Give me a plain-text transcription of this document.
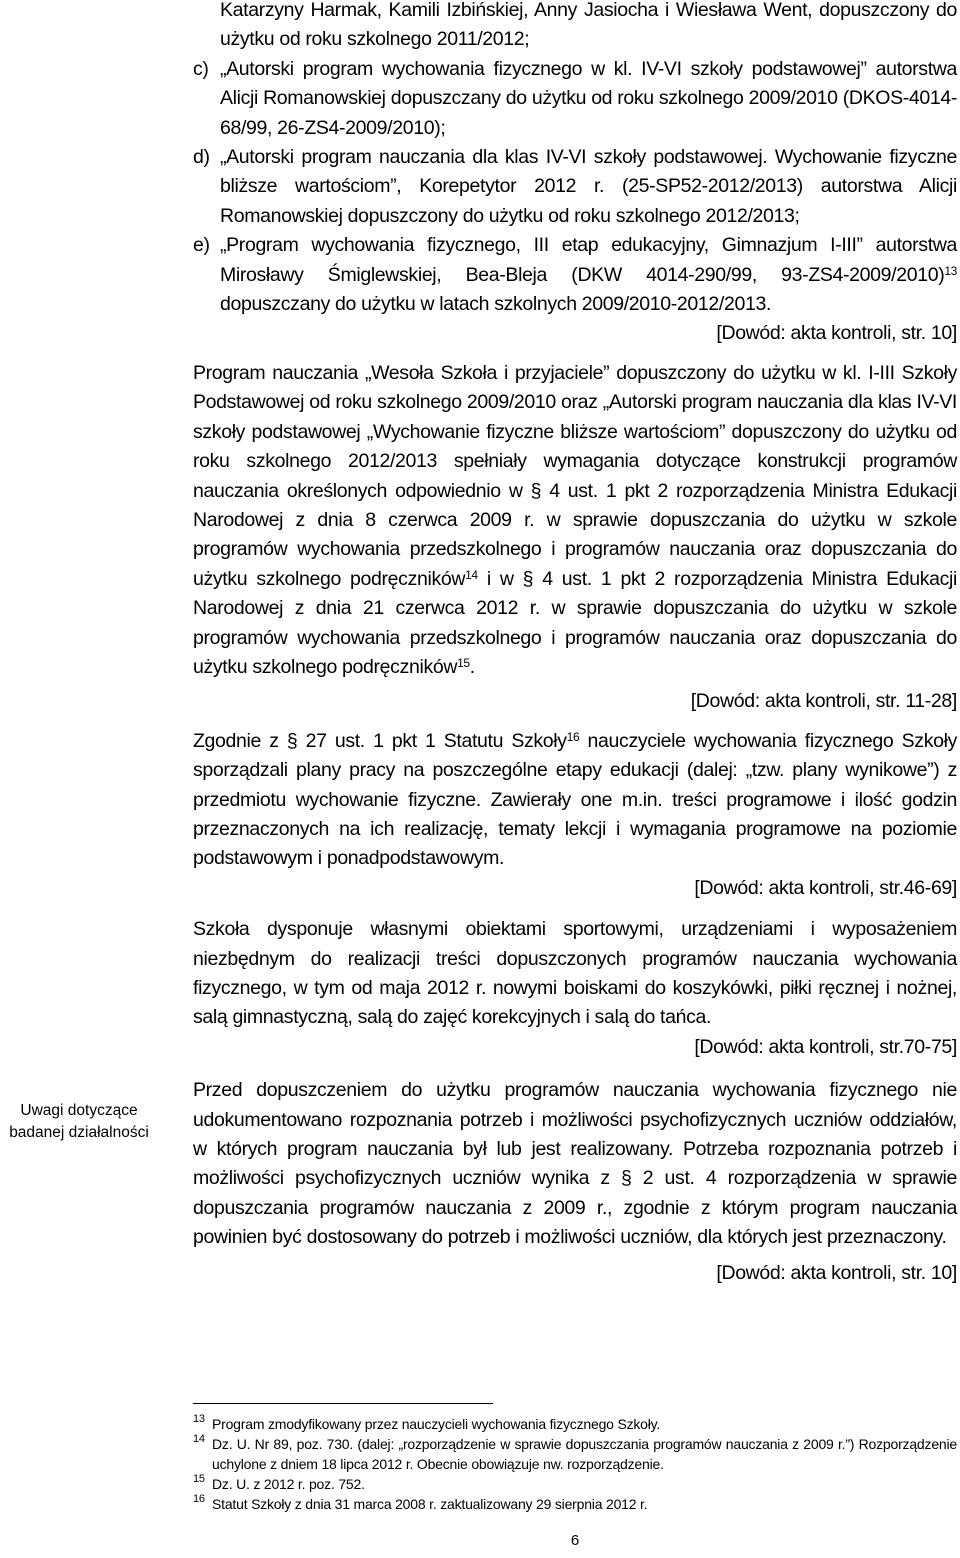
Uwagi dotyczące
badanej działalności

Katarzyny Harmak, Kamili Izbińskiej, Anny Jasiocha i Wiesława Went, dopuszczony do użytku od roku szkolnego 2011/2012;

c) „Autorski program wychowania fizycznego w kl. IV-VI szkoły podstawowej” autorstwa Alicji Romanowskiej dopuszczany do użytku od roku szkolnego 2009/2010 (DKOS-4014-68/99, 26-ZS4-2009/2010);

d) „Autorski program nauczania dla klas IV-VI szkoły podstawowej. Wychowanie fizyczne bliższe wartościom”, Korepetytor 2012 r. (25-SP52-2012/2013) autorstwa Alicji Romanowskiej dopuszczony do użytku od roku szkolnego 2012/2013;

e) „Program wychowania fizycznego, III etap edukacyjny, Gimnazjum I-III” autorstwa Mirosławy Śmiglewskiej, Bea-Bleja (DKW 4014-290/99, 93-ZS4-2009/2010)$^{13}$ dopuszczany do użytku w latach szkolnych 2009/2010-2012/2013.

[Dowód: akta kontroli, str. 10]

Program nauczania „Wesoła Szkoła i przyjaciele” dopuszczony do użytku w kl. I-III Szkoły Podstawowej od roku szkolnego 2009/2010 oraz „Autorski program nauczania dla klas IV-VI szkoły podstawowej „Wychowanie fizyczne bliższe wartościom” dopuszczony do użytku od roku szkolnego 2012/2013 spełniały wymagania dotyczące konstrukcji programów nauczania określonych odpowiednio w § 4 ust. 1 pkt 2 rozporządzenia Ministra Edukacji Narodowej z dnia 8 czerwca 2009 r. w sprawie dopuszczania do użytku w szkole programów wychowania przedszkolnego i programów nauczania oraz dopuszczania do użytku szkolnego podręczników$^{14}$ i w § 4 ust. 1 pkt 2 rozporządzenia Ministra Edukacji Narodowej z dnia 21 czerwca 2012 r. w sprawie dopuszczania do użytku w szkole programów wychowania przedszkolnego i programów nauczania oraz dopuszczania do użytku szkolnego podręczników$^{15}$.

[Dowód: akta kontroli, str. 11-28]

Zgodnie z § 27 ust. 1 pkt 1 Statutu Szkoły$^{16}$ nauczyciele wychowania fizycznego Szkoły sporządzali plany pracy na poszczególne etapy edukacji (dalej: „tzw. plany wynikowe”) z przedmiotu wychowanie fizyczne. Zawierały one m.in. treści programowe i ilość godzin przeznaczonych na ich realizację, tematy lekcji i wymagania programowe na poziomie podstawowym i ponadpodstawowym.

[Dowód: akta kontroli, str.46-69]

Szkoła dysponuje własnymi obiektami sportowymi, urządzeniami i wyposażeniem niezbędnym do realizacji treści dopuszczonych programów nauczania wychowania fizycznego, w tym od maja 2012 r. nowymi boiskami do koszykówki, piłki ręcznej i nożnej, salą gimnastyczną, salą do zajęć korekcyjnych i salą do tańca.

[Dowód: akta kontroli, str.70-75]

Przed dopuszczeniem do użytku programów nauczania wychowania fizycznego nie udokumentowano rozpoznania potrzeb i możliwości psychofizycznych uczniów oddziałów, w których program nauczania był lub jest realizowany. Potrzeba rozpoznania potrzeb i możliwości psychofizycznych uczniów wynika z § 2 ust. 4 rozporządzenia w sprawie dopuszczania programów nauczania z 2009 r., zgodnie z którym program nauczania powinien być dostosowany do potrzeb i możliwości uczniów, dla których jest przeznaczony.

[Dowód: akta kontroli, str. 10]

13 Program zmodyfikowany przez nauczycieli wychowania fizycznego Szkoły.
14 Dz. U. Nr 89, poz. 730. (dalej: „rozporządzenie w sprawie dopuszczania programów nauczania z 2009 r.”) Rozporządzenie uchylone z dniem 18 lipca 2012 r. Obecnie obowiązuje nw. rozporządzenie.
15 Dz. U. z 2012 r. poz. 752.
16 Statut Szkoły z dnia 31 marca 2008 r. zaktualizowany 29 sierpnia 2012 r.
6
